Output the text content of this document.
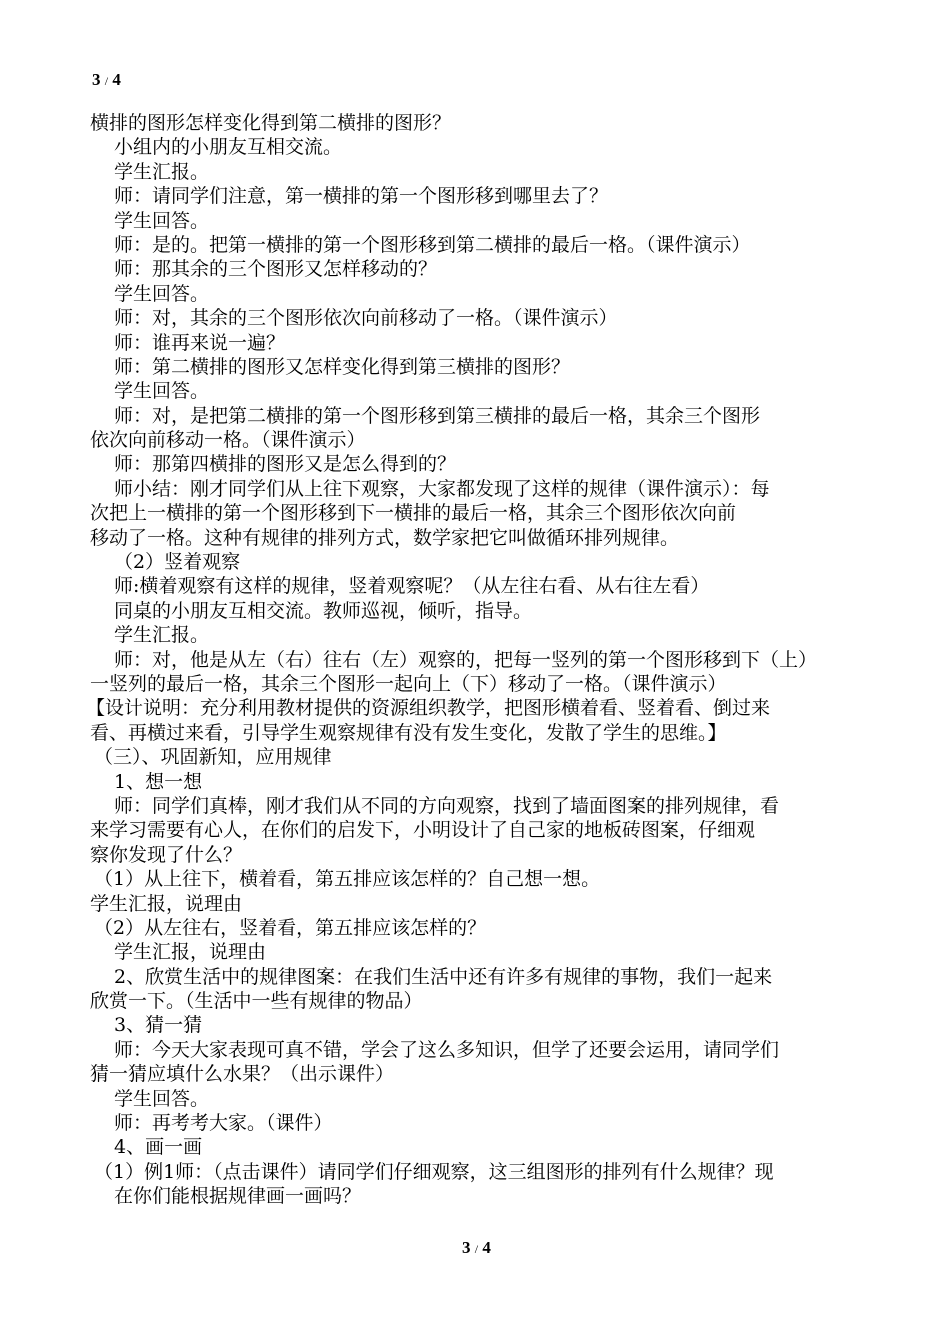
3 / 4
横排的图形怎样变化得到第二横排的图形？
小组内的小朋友互相交流。
学生汇报。
师：请同学们注意，第一横排的第一个图形移到哪里去了？
学生回答。
师：是的。把第一横排的第一个图形移到第二横排的最后一格。（课件演示）
师：那其余的三个图形又怎样移动的？
学生回答。
师：对，其余的三个图形依次向前移动了一格。（课件演示）
师：谁再来说一遍？
师：第二横排的图形又怎样变化得到第三横排的图形？
学生回答。
师：对，是把第二横排的第一个图形移到第三横排的最后一格，其余三个图形
依次向前移动一格。（课件演示）
师：那第四横排的图形又是怎么得到的？
师小结：刚才同学们从上往下观察，大家都发现了这样的规律（课件演示）：每
次把上一横排的第一个图形移到下一横排的最后一格，其余三个图形依次向前
移动了一格。这种有规律的排列方式，数学家把它叫做循环排列规律。
（2）竖着观察
师:横着观察有这样的规律，竖着观察呢？（从左往右看、从右往左看）
同桌的小朋友互相交流。教师巡视，倾听，指导。
学生汇报。
师：对，他是从左（右）往右（左）观察的，把每一竖列的第一个图形移到下（上）
一竖列的最后一格，其余三个图形一起向上（下）移动了一格。（课件演示）
【设计说明：充分利用教材提供的资源组织教学，把图形横着看、竖着看、倒过来
看、再横过来看，引导学生观察规律有没有发生变化，发散了学生的思维。】
（三）、巩固新知，应用规律
1、想一想
师：同学们真棒，刚才我们从不同的方向观察，找到了墙面图案的排列规律，看
来学习需要有心人，在你们的启发下，小明设计了自己家的地板砖图案，仔细观
察你发现了什么？
（1）从上往下，横着看，第五排应该怎样的？自己想一想。
学生汇报，说理由
（2）从左往右，竖着看，第五排应该怎样的？
学生汇报，说理由
2、欣赏生活中的规律图案：在我们生活中还有许多有规律的事物，我们一起来
欣赏一下。（生活中一些有规律的物品）
3、猜一猜
师：今天大家表现可真不错，学会了这么多知识，但学了还要会运用，请同学们
猜一猜应填什么水果？（出示课件）
学生回答。
师：再考考大家。（课件）
4、画一画
（1）例1师：（点击课件）请同学们仔细观察，这三组图形的排列有什么规律？现
在你们能根据规律画一画吗？
3 / 4
